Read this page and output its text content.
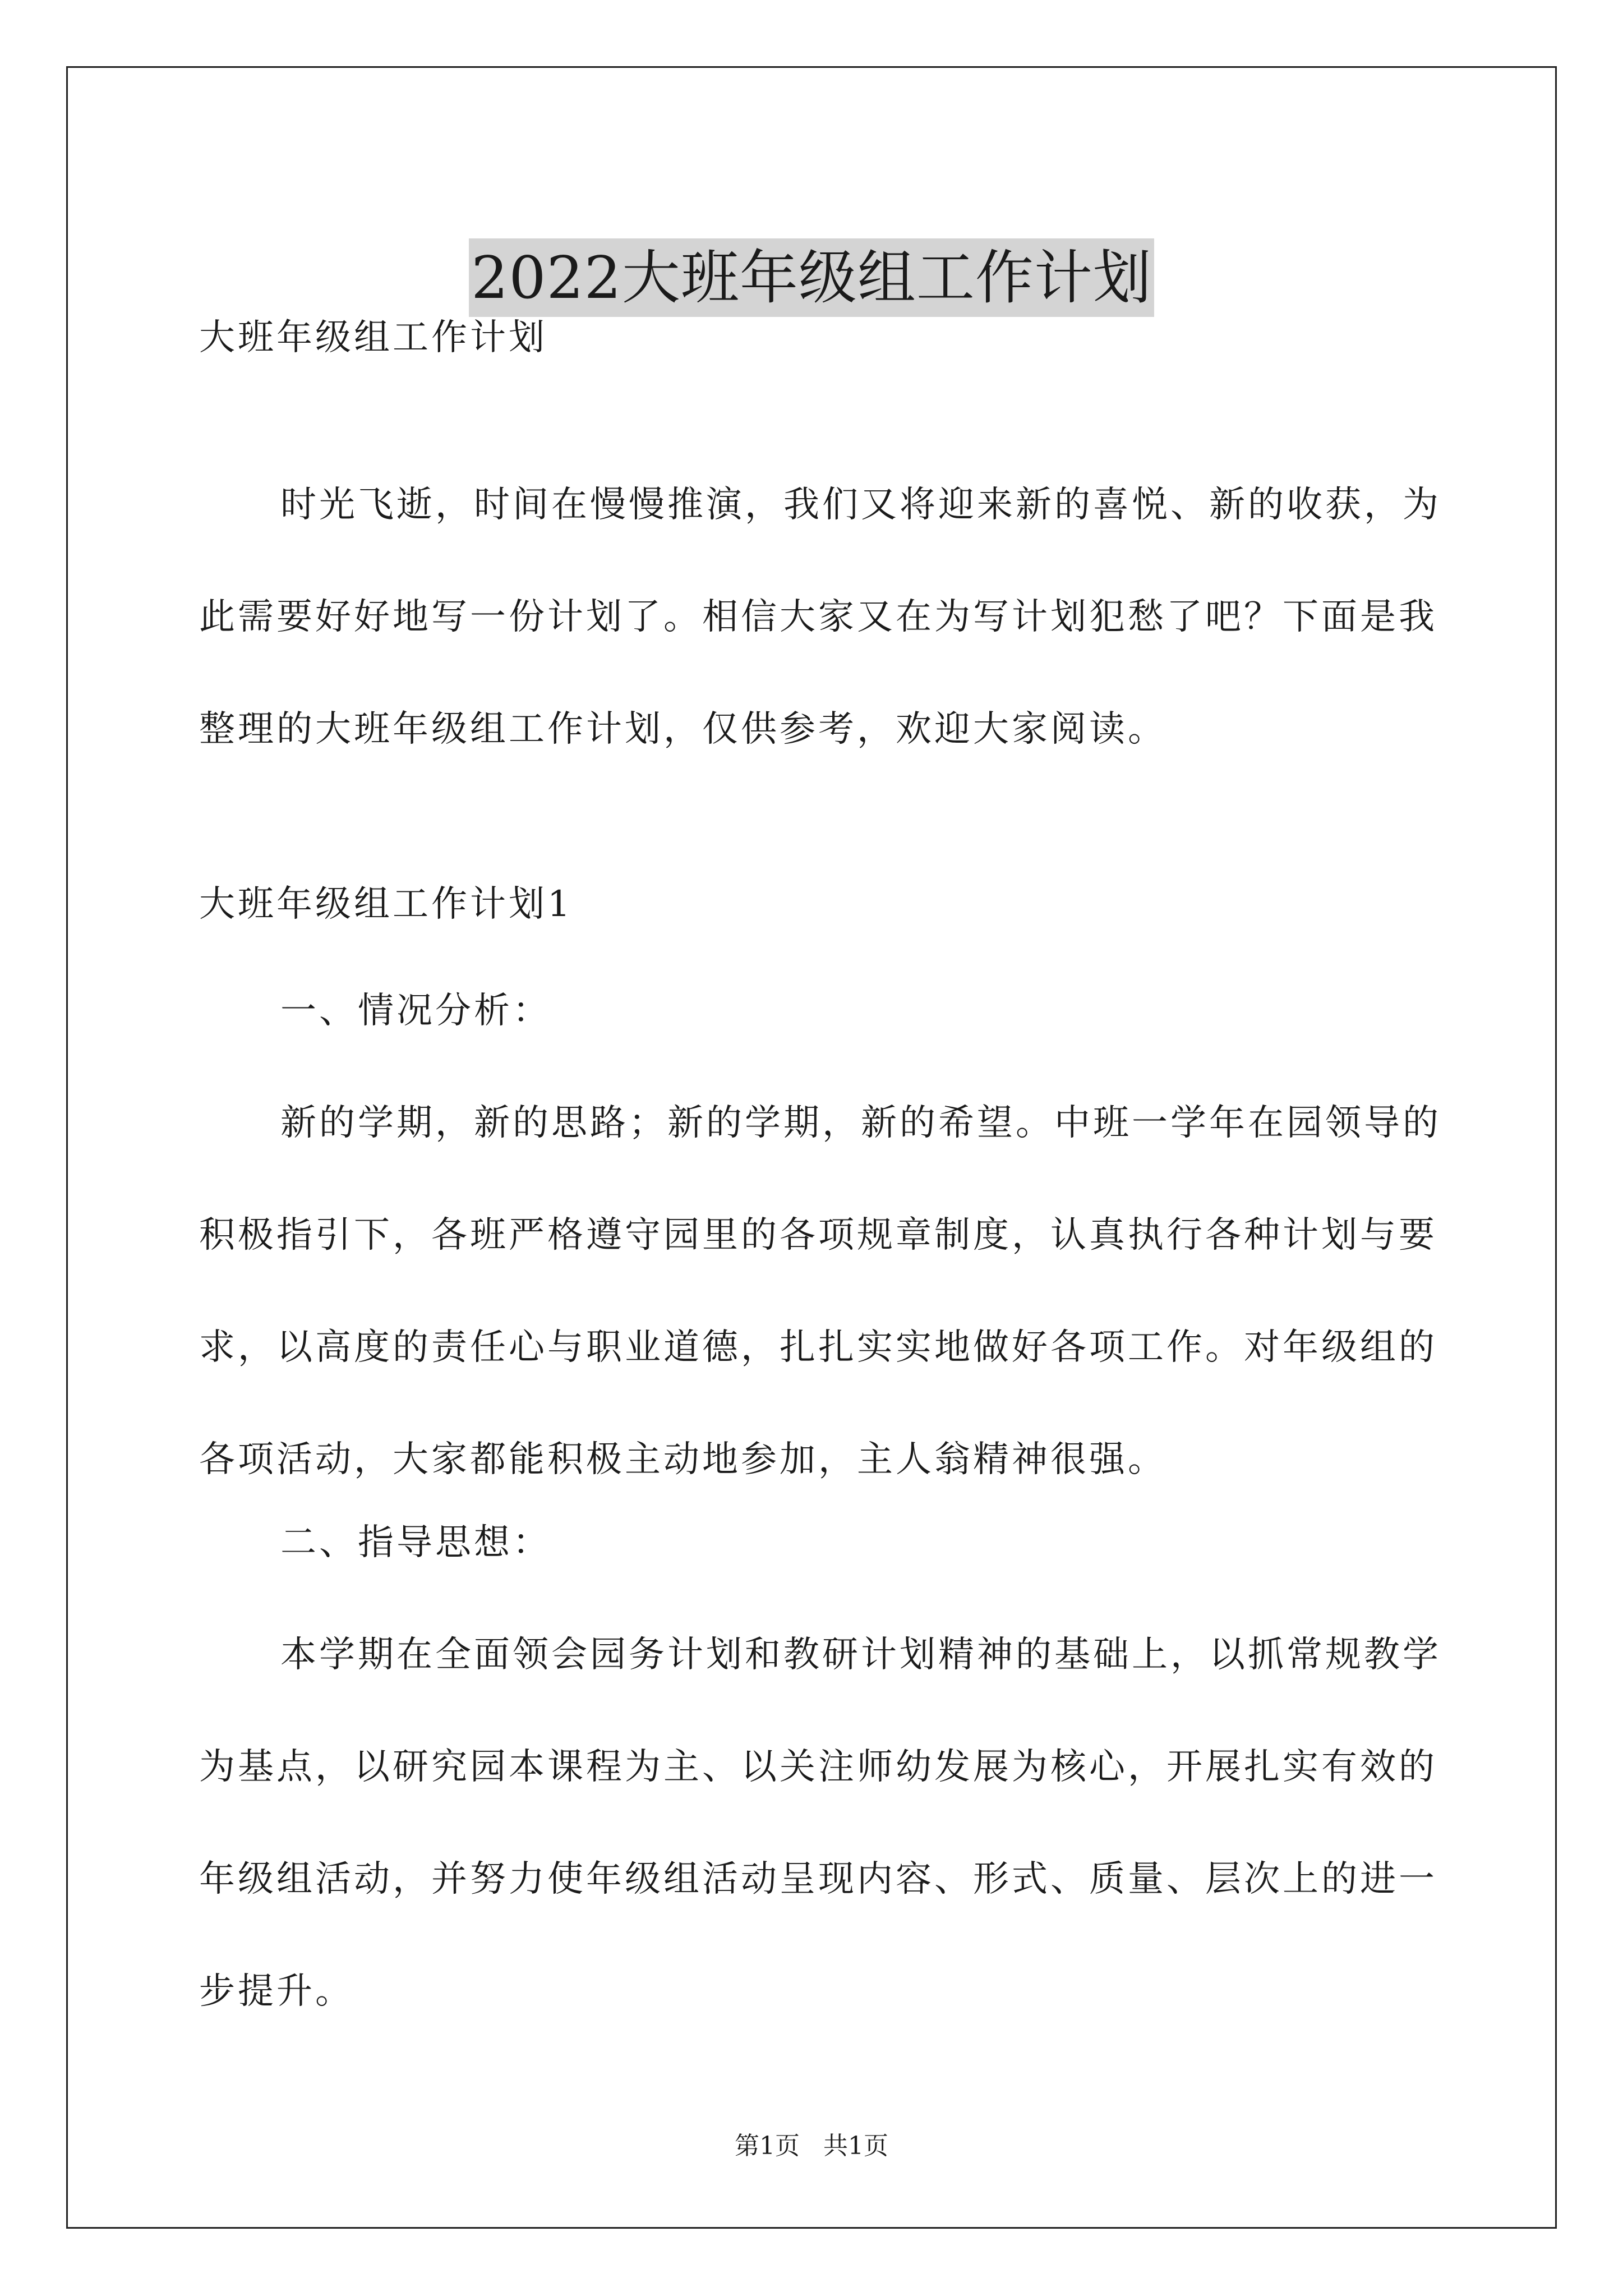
2022大班年级组工作计划

大班年级组工作计划

时光飞逝，时间在慢慢推演，我们又将迎来新的喜悦、新的收获，为此需要好好地写一份计划了。相信大家又在为写计划犯愁了吧？下面是我整理的大班年级组工作计划，仅供参考，欢迎大家阅读。

大班年级组工作计划1

一、情况分析：

新的学期，新的思路；新的学期，新的希望。中班一学年在园领导的积极指引下，各班严格遵守园里的各项规章制度，认真执行各种计划与要求，以高度的责任心与职业道德，扎扎实实地做好各项工作。对年级组的各项活动，大家都能积极主动地参加，主人翁精神很强。

二、指导思想：

本学期在全面领会园务计划和教研计划精神的基础上，以抓常规教学为基点，以研究园本课程为主、以关注师幼发展为核心，开展扎实有效的年级组活动，并努力使年级组活动呈现内容、形式、质量、层次上的进一步提升。

第1页   共1页
